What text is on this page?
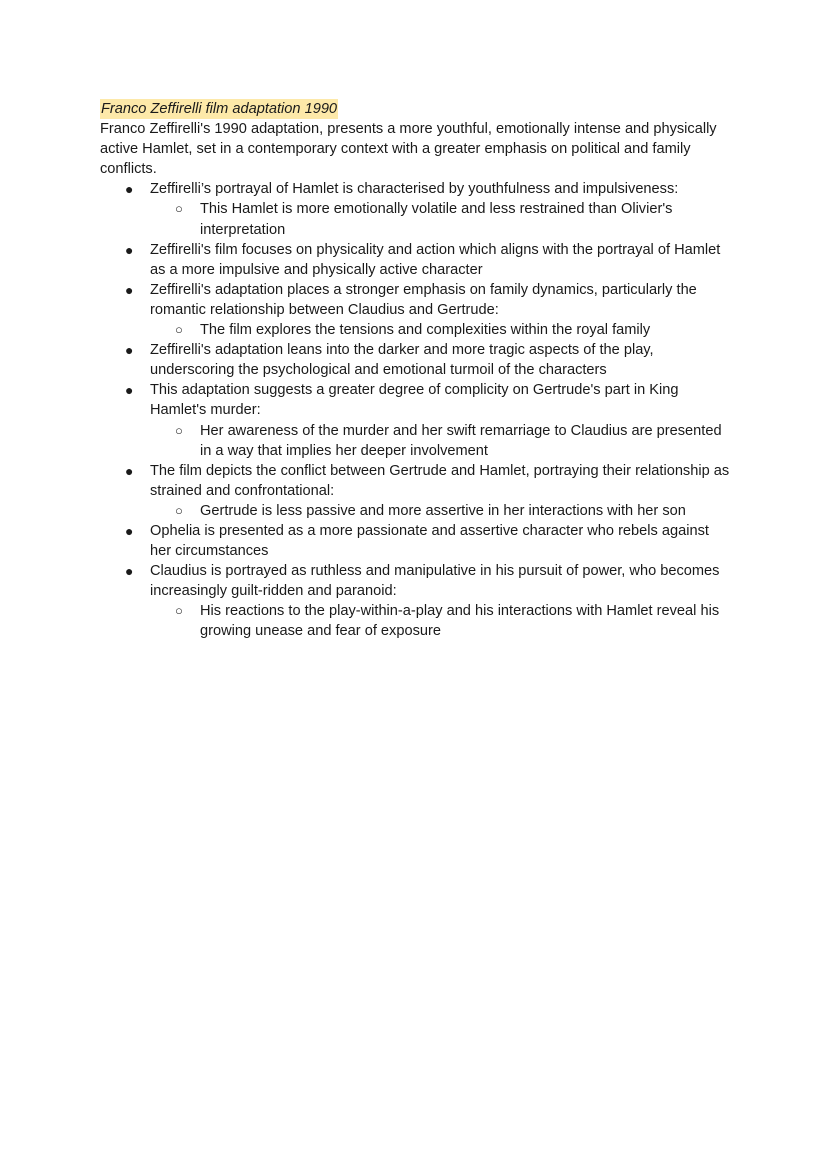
Franco Zeffirelli film adaptation 1990

Franco Zeffirelli's 1990 adaptation, presents a more youthful, emotionally intense and physically active Hamlet, set in a contemporary context with a greater emphasis on political and family conflicts.

● Zeffirelli’s portrayal of Hamlet is characterised by youthfulness and impulsiveness:
○ This Hamlet is more emotionally volatile and less restrained than Olivier's interpretation
● Zeffirelli's film focuses on physicality and action which aligns with the portrayal of Hamlet as a more impulsive and physically active character
● Zeffirelli's adaptation places a stronger emphasis on family dynamics, particularly the romantic relationship between Claudius and Gertrude:
○ The film explores the tensions and complexities within the royal family
● Zeffirelli's adaptation leans into the darker and more tragic aspects of the play, underscoring the psychological and emotional turmoil of the characters
● This adaptation suggests a greater degree of complicity on Gertrude's part in King Hamlet's murder:
○ Her awareness of the murder and her swift remarriage to Claudius are presented in a way that implies her deeper involvement
● The film depicts the conflict between Gertrude and Hamlet, portraying their relationship as strained and confrontational:
○ Gertrude is less passive and more assertive in her interactions with her son
● Ophelia is presented as a more passionate and assertive character who rebels against her circumstances
● Claudius is portrayed as ruthless and manipulative in his pursuit of power, who becomes increasingly guilt-ridden and paranoid:
○ His reactions to the play-within-a-play and his interactions with Hamlet reveal his growing unease and fear of exposure
